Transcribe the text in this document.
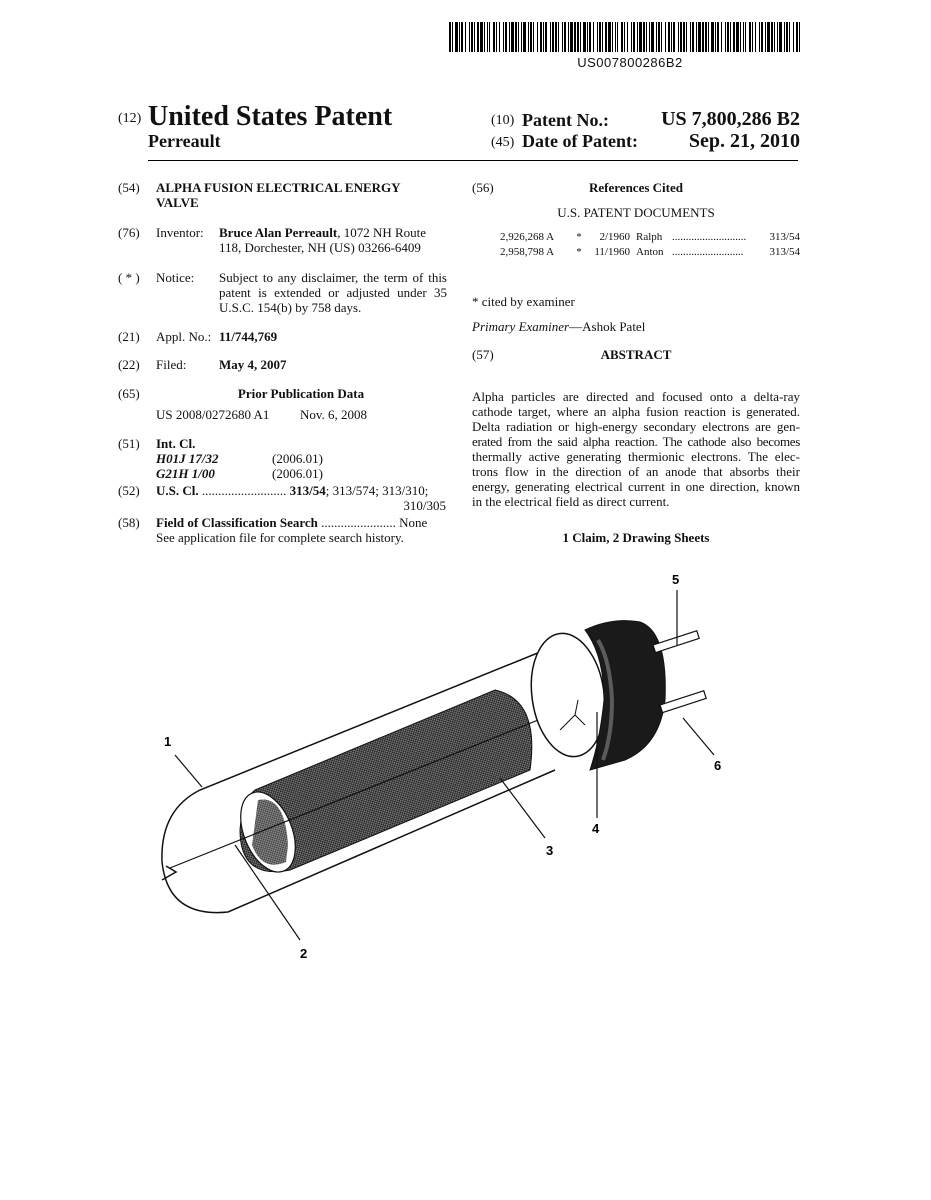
US007800286B2
(12) United States Patent
Perreault
(10) Patent No.:	US 7,800,286 B2
(45) Date of Patent:	Sep. 21, 2010
(54) ALPHA FUSION ELECTRICAL ENERGY
VALVE
(76) Inventor: Bruce Alan Perreault, 1072 NH Route
118, Dorchester, NH (US) 03266-6409
( * ) Notice: Subject to any disclaimer, the term of this
patent is extended or adjusted under 35
U.S.C. 154(b) by 758 days.
(21) Appl. No.: 11/744,769
(22) Filed:	May 4, 2007
(65)	Prior Publication Data
US 2008/0272680 A1 Nov. 6, 2008
(51) Int. Cl.
H01J 17/32	(2006.01)
G21H 1/00	(2006.01)
(52) U.S. Cl. .......................... 313/54; 313/574; 313/310;
310/305
(58) Field of Classification Search ....................... None
See application file for complete search history.
(56)	References Cited
U.S. PATENT DOCUMENTS
2,926,268 A	*	2/1960 Ralph ...........................	313/54
2,958,798 A	*	11/1960 Anton ..........................	313/54
* cited by examiner
Primary Examiner—Ashok Patel
(57)	ABSTRACT
Alpha particles are directed and focused onto a delta-ray
cathode target, where an alpha fusion reaction is generated.
Delta radiation or high-energy secondary electrons are gen-
erated from the said alpha reaction. The cathode also becomes
thermally active generating thermionic electrons. The elec-
trons flow in the direction of an anode that absorbs their
energy, generating electrical current in one direction, known
in the electrical field as direct current.
1 Claim, 2 Drawing Sheets
1
2
3
4
5
6
